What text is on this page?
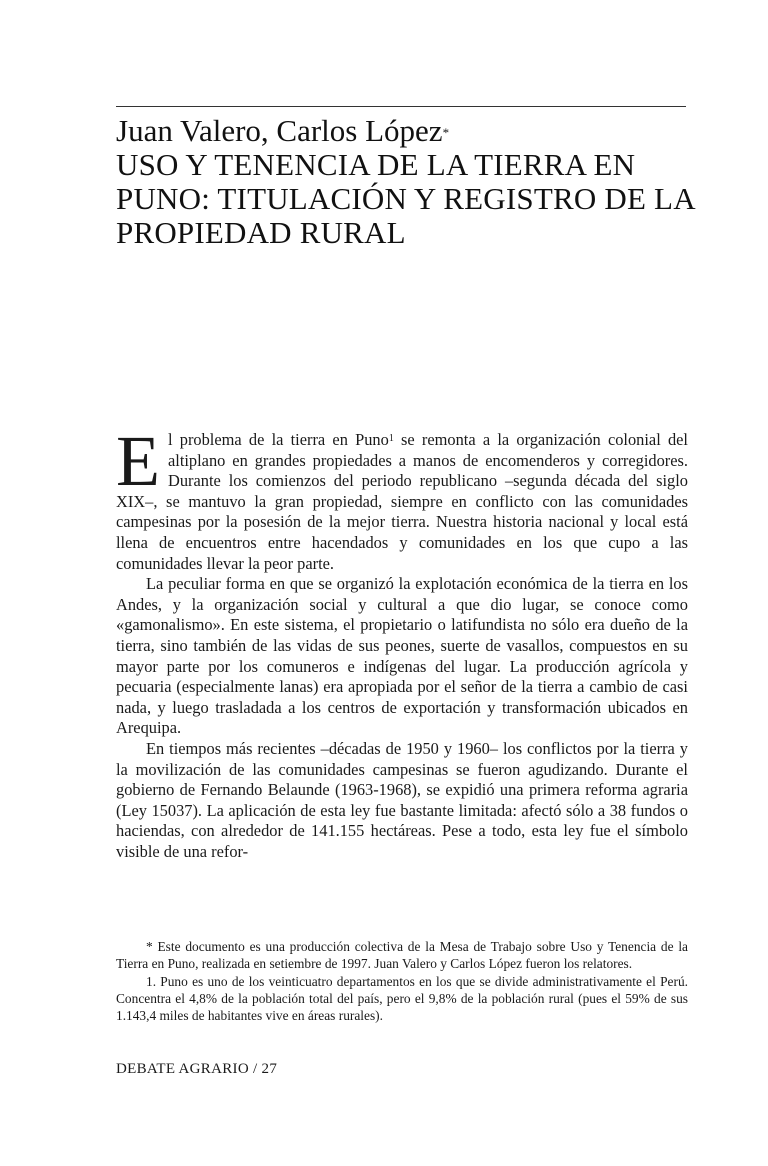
Juan Valero, Carlos López*
USO Y TENENCIA DE LA TIERRA EN PUNO: TITULACIÓN Y REGISTRO DE LA PROPIEDAD RURAL

El problema de la tierra en Puno$^1$ se remonta a la organización colonial del altiplano en grandes propiedades a manos de encomenderos y corregidores. Durante los comienzos del periodo republicano –segunda década del siglo XIX–, se mantuvo la gran propiedad, siempre en conflicto con las comunidades campesinas por la posesión de la mejor tierra. Nuestra historia nacional y local está llena de encuentros entre hacendados y comunidades en los que cupo a las comunidades llevar la peor parte.

La peculiar forma en que se organizó la explotación económica de la tierra en los Andes, y la organización social y cultural a que dio lugar, se conoce como «gamonalismo». En este sistema, el propietario o latifundista no sólo era dueño de la tierra, sino también de las vidas de sus peones, suerte de vasallos, compuestos en su mayor parte por los comuneros e indígenas del lugar. La producción agrícola y pecuaria (especialmente lanas) era apropiada por el señor de la tierra a cambio de casi nada, y luego trasladada a los centros de exportación y transformación ubicados en Arequipa.

En tiempos más recientes –décadas de 1950 y 1960– los conflictos por la tierra y la movilización de las comunidades campesinas se fueron agudizando. Durante el gobierno de Fernando Belaunde (1963-1968), se expidió una primera reforma agraria (Ley 15037). La aplicación de esta ley fue bastante limitada: afectó sólo a 38 fundos o haciendas, con alrededor de 141.155 hectáreas. Pese a todo, esta ley fue el símbolo visible de una refor-

* Este documento es una producción colectiva de la Mesa de Trabajo sobre Uso y Tenencia de la Tierra en Puno, realizada en setiembre de 1997. Juan Valero y Carlos López fueron los relatores.

1. Puno es uno de los veinticuatro departamentos en los que se divide administrativamente el Perú. Concentra el 4,8% de la población total del país, pero el 9,8% de la población rural (pues el 59% de sus 1.143,4 miles de habitantes vive en áreas rurales).

DEBATE AGRARIO / 27
